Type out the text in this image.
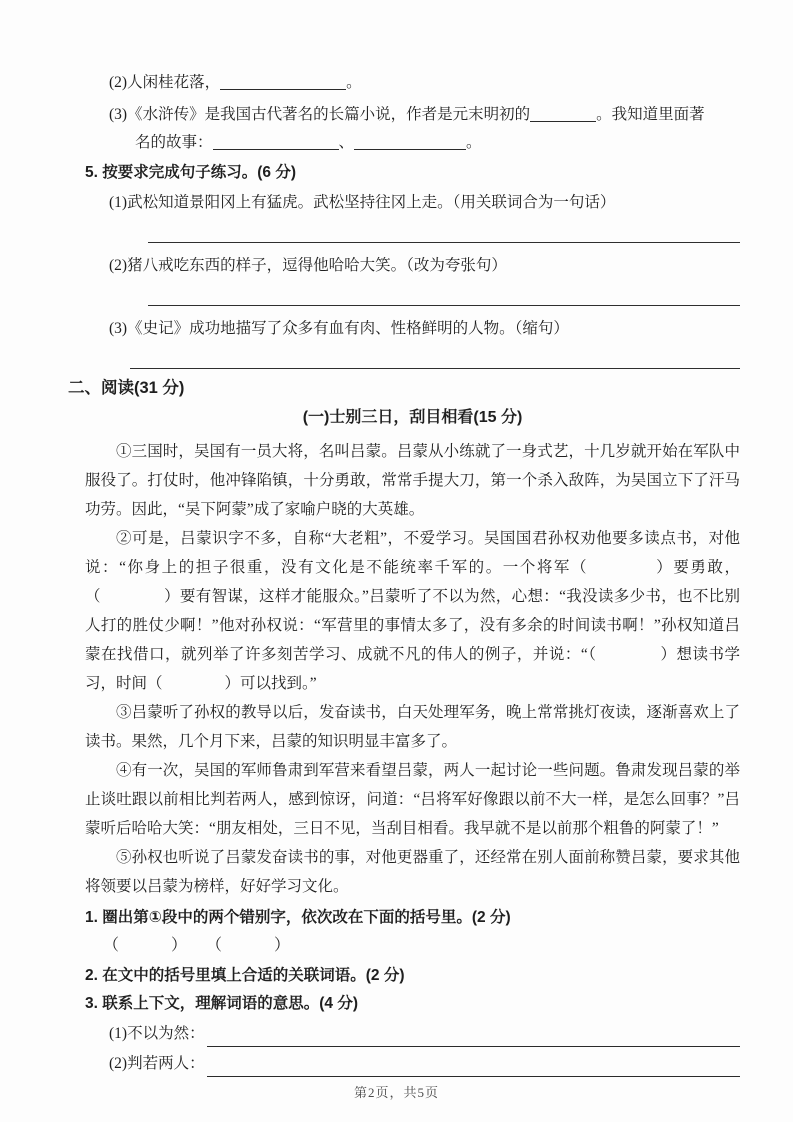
(2)人闲桂花落，	。
(3)《水浒传》是我国古代著名的长篇小说，作者是元末明初的	。我知道里面著
名的故事：	、	。
5. 按要求完成句子练习。(6 分)
(1)武松知道景阳冈上有猛虎。武松坚持往冈上走。（用关联词合为一句话）
(2)猪八戒吃东西的样子，逗得他哈哈大笑。（改为夸张句）
(3)《史记》成功地描写了众多有血有肉、性格鲜明的人物。（缩句）
二、阅读(31 分)
(一)士别三日，刮目相看(15 分)

①三国时，吴国有一员大将，名叫吕蒙。吕蒙从小练就了一身式艺，十几岁就开始在军队中服役了。打仗时，他冲锋陷镇，十分勇敢，常常手提大刀，第一个杀入敌阵，为吴国立下了汗马功劳。因此，“吴下阿蒙”成了家喻户晓的大英雄。

②可是，吕蒙识字不多，自称“大老粗”，不爱学习。吴国国君孙权劝他要多读点书，对他说：“你身上的担子很重，没有文化是不能统率千军的。一个将军（　　　　）要勇敢，（　　　　）要有智谋，这样才能服众。”吕蒙听了不以为然，心想：“我没读多少书，也不比别人打的胜仗少啊！”他对孙权说：“军营里的事情太多了，没有多余的时间读书啊！”孙权知道吕蒙在找借口，就列举了许多刻苦学习、成就不凡的伟人的例子，并说：“（　　　　）想读书学习，时间（　　　　）可以找到。”

③吕蒙听了孙权的教导以后，发奋读书，白天处理军务，晚上常常挑灯夜读，逐渐喜欢上了读书。果然，几个月下来，吕蒙的知识明显丰富多了。

④有一次，吴国的军师鲁肃到军营来看望吕蒙，两人一起讨论一些问题。鲁肃发现吕蒙的举止谈吐跟以前相比判若两人，感到惊讶，问道：“吕将军好像跟以前不大一样，是怎么回事？”吕蒙听后哈哈大笑：“朋友相处，三日不见，当刮目相看。我早就不是以前那个粗鲁的阿蒙了！”

⑤孙权也听说了吕蒙发奋读书的事，对他更器重了，还经常在别人面前称赞吕蒙，要求其他将领要以吕蒙为榜样，好好学习文化。

1. 圈出第①段中的两个错别字，依次改在下面的括号里。(2 分)
（　　　）　　（　　　）
2. 在文中的括号里填上合适的关联词语。(2 分)
3. 联系上下文，理解词语的意思。(4 分)
(1)不以为然：
(2)判若两人：
第2页，共5页
